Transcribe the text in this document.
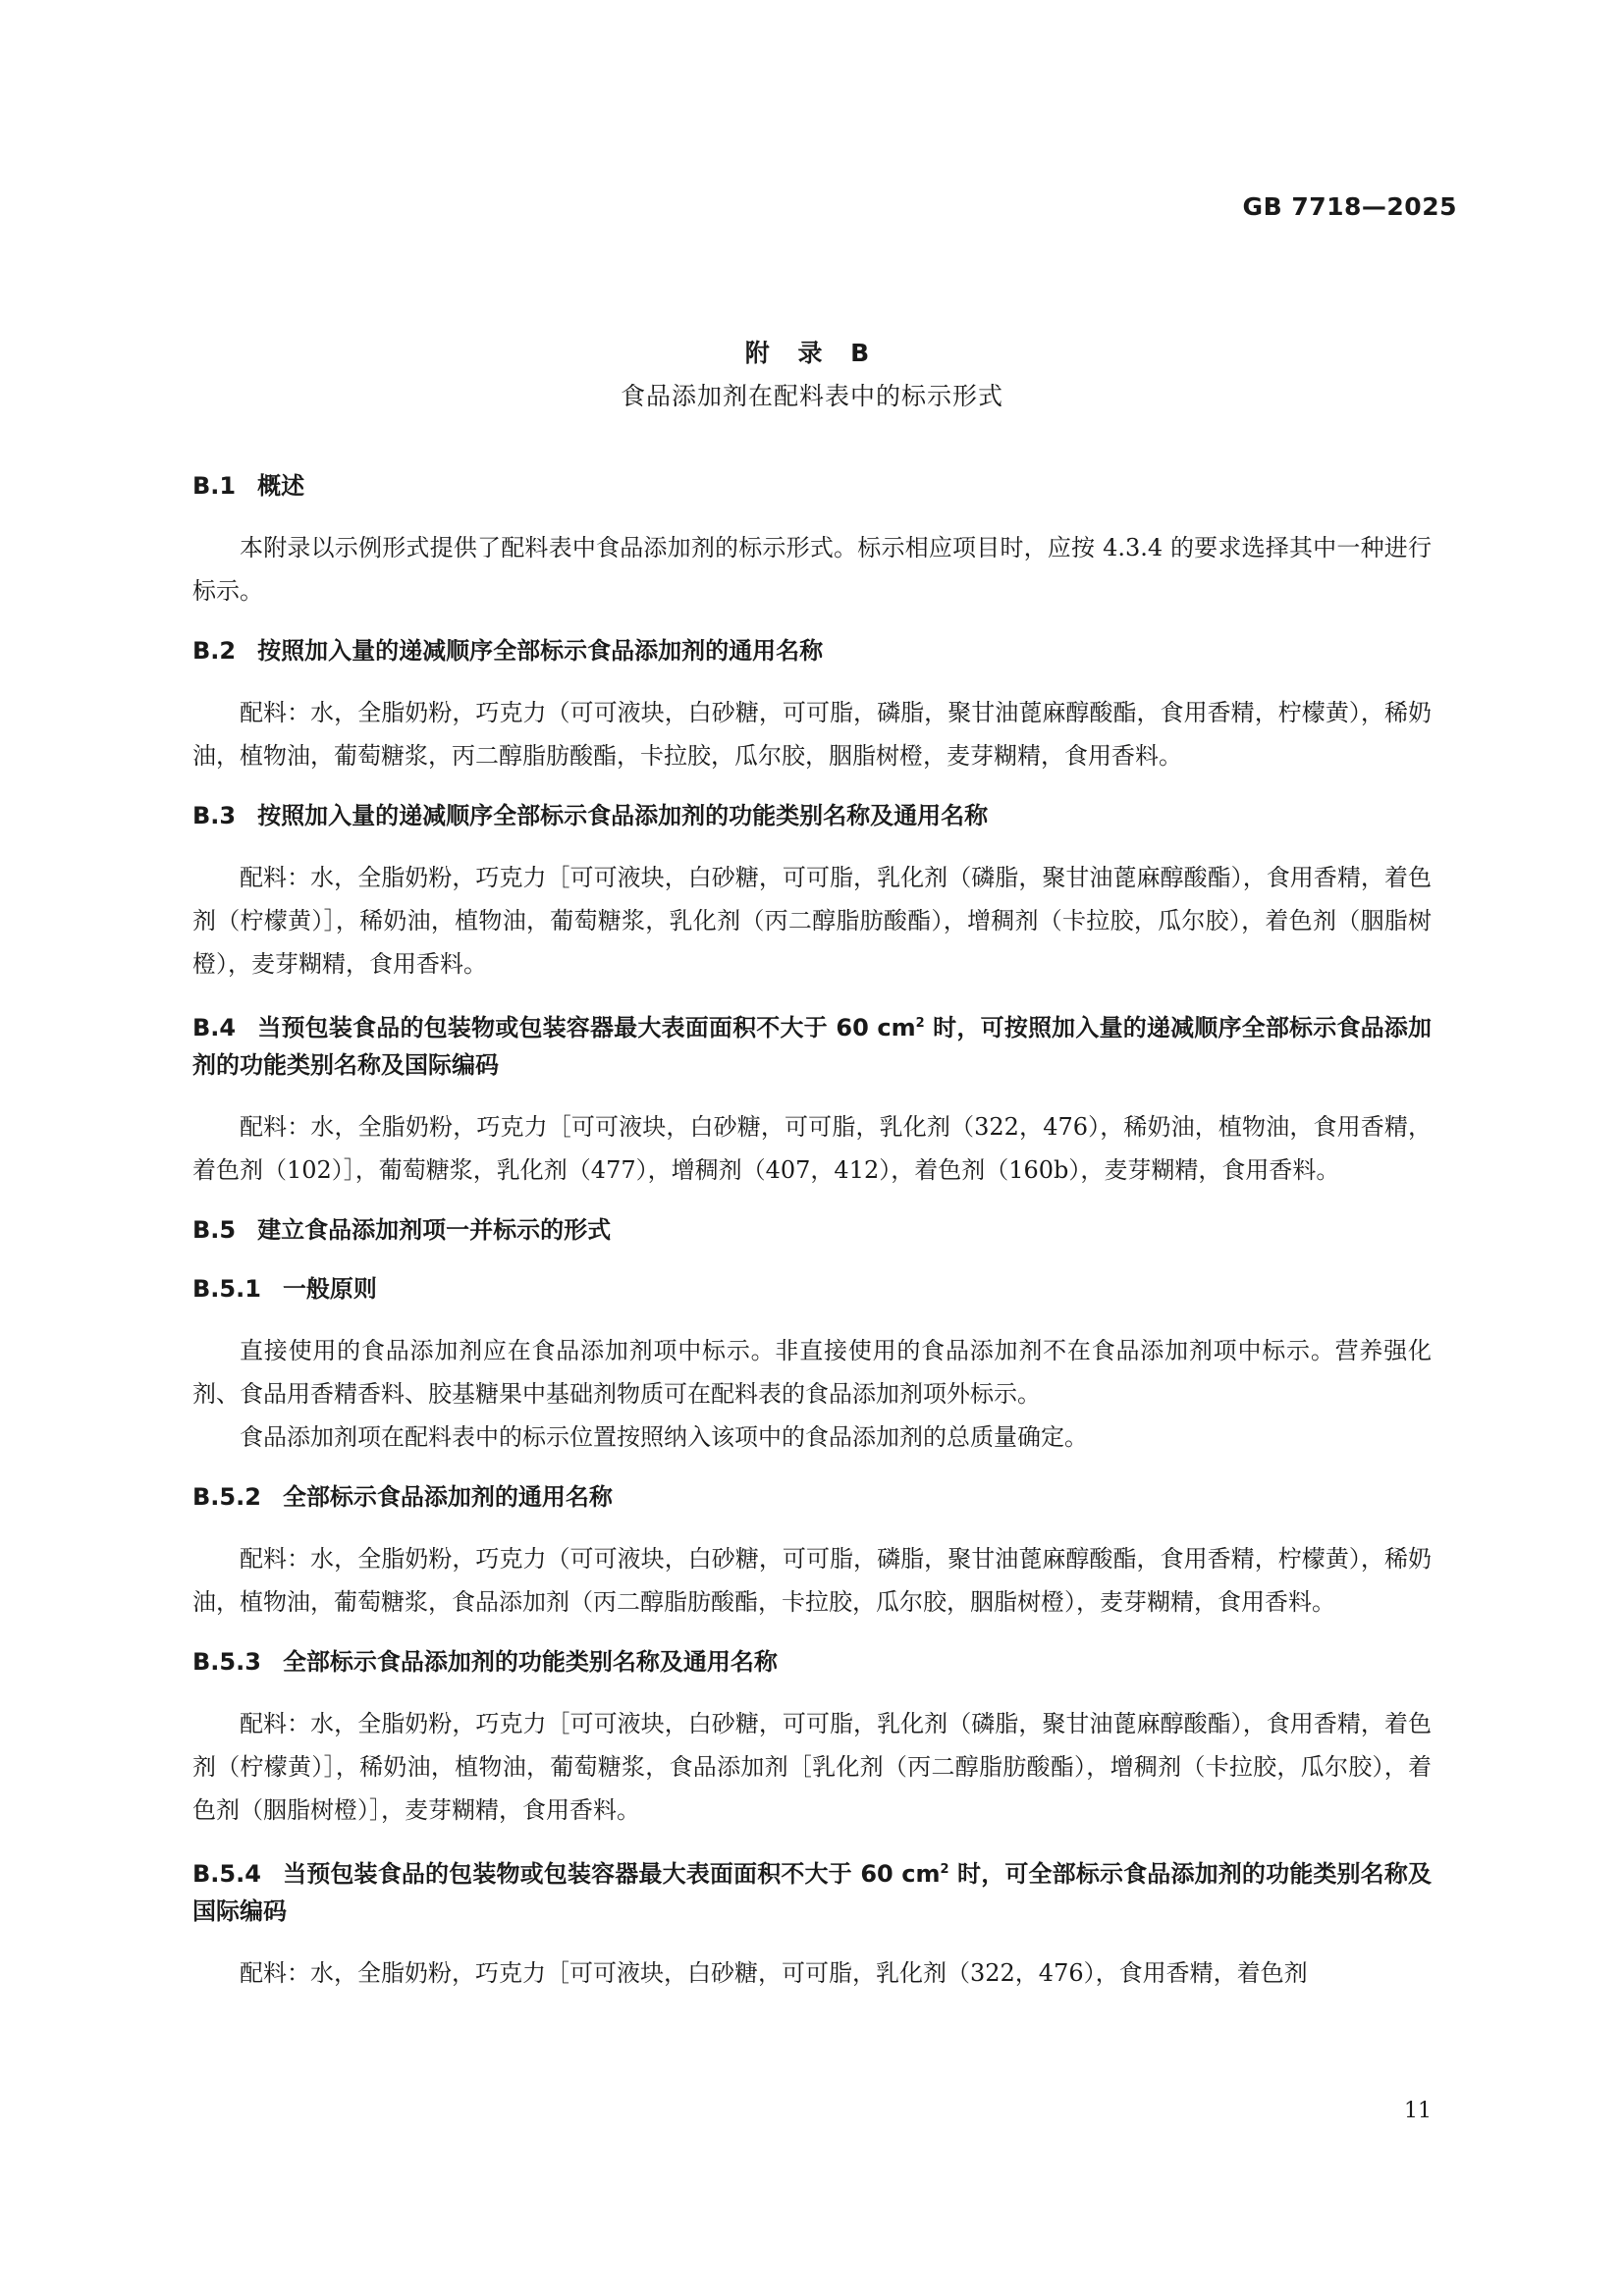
GB 7718—2025
附 录 B
食品添加剂在配料表中的标示形式
B.1 概述

本附录以示例形式提供了配料表中食品添加剂的标示形式。标示相应项目时，应按 4.3.4 的要求选择其中一种进行标示。

B.2 按照加入量的递减顺序全部标示食品添加剂的通用名称

配料：水，全脂奶粉，巧克力（可可液块，白砂糖，可可脂，磷脂，聚甘油蓖麻醇酸酯，食用香精，柠檬黄），稀奶油，植物油，葡萄糖浆，丙二醇脂肪酸酯，卡拉胶，瓜尔胶，胭脂树橙，麦芽糊精，食用香料。

B.3 按照加入量的递减顺序全部标示食品添加剂的功能类别名称及通用名称

配料：水，全脂奶粉，巧克力［可可液块，白砂糖，可可脂，乳化剂（磷脂，聚甘油蓖麻醇酸酯），食用香精，着色剂（柠檬黄）］，稀奶油，植物油，葡萄糖浆，乳化剂（丙二醇脂肪酸酯），增稠剂（卡拉胶，瓜尔胶），着色剂（胭脂树橙），麦芽糊精，食用香料。

B.4 当预包装食品的包装物或包装容器最大表面面积不大于 60 $cm^2$ 时，可按照加入量的递减顺序全部标示食品添加剂的功能类别名称及国际编码

配料：水，全脂奶粉，巧克力［可可液块，白砂糖，可可脂，乳化剂（322，476），稀奶油，植物油，食用香精，着色剂（102）］，葡萄糖浆，乳化剂（477），增稠剂（407，412），着色剂（160b），麦芽糊精，食用香料。

B.5 建立食品添加剂项一并标示的形式
B.5.1 一般原则

直接使用的食品添加剂应在食品添加剂项中标示。非直接使用的食品添加剂不在食品添加剂项中标示。营养强化剂、食品用香精香料、胶基糖果中基础剂物质可在配料表的食品添加剂项外标示。

食品添加剂项在配料表中的标示位置按照纳入该项中的食品添加剂的总质量确定。

B.5.2 全部标示食品添加剂的通用名称

配料：水，全脂奶粉，巧克力（可可液块，白砂糖，可可脂，磷脂，聚甘油蓖麻醇酸酯，食用香精，柠檬黄），稀奶油，植物油，葡萄糖浆，食品添加剂（丙二醇脂肪酸酯，卡拉胶，瓜尔胶，胭脂树橙），麦芽糊精，食用香料。

B.5.3 全部标示食品添加剂的功能类别名称及通用名称

配料：水，全脂奶粉，巧克力［可可液块，白砂糖，可可脂，乳化剂（磷脂，聚甘油蓖麻醇酸酯），食用香精，着色剂（柠檬黄）］，稀奶油，植物油，葡萄糖浆，食品添加剂［乳化剂（丙二醇脂肪酸酯），增稠剂（卡拉胶，瓜尔胶），着色剂（胭脂树橙）］，麦芽糊精，食用香料。

B.5.4 当预包装食品的包装物或包装容器最大表面面积不大于 60 $cm^2$ 时，可全部标示食品添加剂的功能类别名称及国际编码

配料：水，全脂奶粉，巧克力［可可液块，白砂糖，可可脂，乳化剂（322，476），食用香精，着色剂

11
